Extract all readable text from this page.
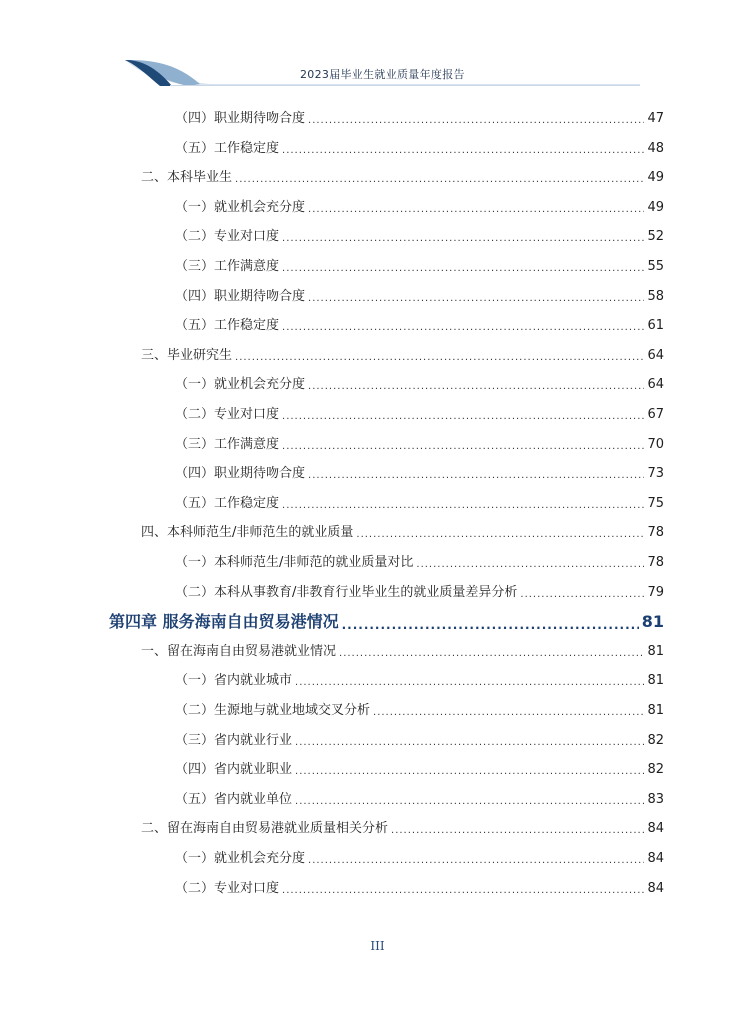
2023届毕业生就业质量年度报告
（四）职业期待吻合度 .....	47
（五）工作稳定度 .....	48
二、本科毕业生 .....	49
（一）就业机会充分度 .....	49
（二）专业对口度 .....	52
（三）工作满意度 .....	55
（四）职业期待吻合度 .....	58
（五）工作稳定度 .....	61
三、毕业研究生 .....	64
（一）就业机会充分度 .....	64
（二）专业对口度 .....	67
（三）工作满意度 .....	70
（四）职业期待吻合度 .....	73
（五）工作稳定度 .....	75
四、本科师范生/非师范生的就业质量 .....	78
（一）本科师范生/非师范的就业质量对比 .....	78
（二）本科从事教育/非教育行业毕业生的就业质量差异分析 .....	79
第四章 服务海南自由贸易港情况 .....	81
一、留在海南自由贸易港就业情况 .....	81
（一）省内就业城市 .....	81
（二）生源地与就业地域交叉分析 .....	81
（三）省内就业行业 .....	82
（四）省内就业职业 .....	82
（五）省内就业单位 .....	83
二、留在海南自由贸易港就业质量相关分析 .....	84
（一）就业机会充分度 .....	84
（二）专业对口度 .....	84
III
